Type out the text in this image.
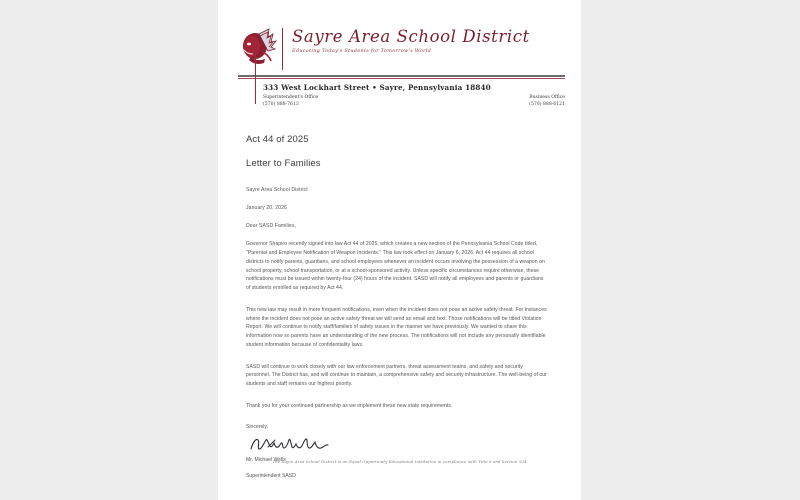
Sayre Area School District
Educating Today's Students for Tomorrow's World
333 West Lockhart Street • Sayre, Pennsylvania 18840
Superintendent's Office
(570) 888-7613
Business Office
(570) 888-6121
Act 44 of 2025
Letter to Families
Sayre Area School District
January 20, 2026
Dear SASD Families,

Governor Shapiro recently signed into law Act 44 of 2025, which creates a new section of the Pennsylvania School Code titled, "Parental and Employee Notification of Weapon Incidents." This law took effect on January 6, 2026. Act 44 requires all school districts to notify parents, guardians, and school employees whenever an incident occurs involving the possession of a weapon on school property, school transportation, or at a school-sponsored activity. Unless specific circumstances require otherwise, these notifications must be issued within twenty-four (24) hours of the incident. SASD will notify all employees and parents or guardians of students enrolled as required by Act 44.

This new law may result in more frequent notifications, even when the incident does not pose an active safety threat. For instances where the incident does not pose an active safety threat we will send an email and text. Those notifications will be titled Violation Report. We will continue to notify staff/families of safety issues in the manner we have previously. We wanted to share this information now so parents have an understanding of the new process. The notifications will not include any personally identifiable student information because of confidentiality laws.

SASD will continue to work closely with our law enforcement partners, threat assessment teams, and safety and security personnel. The District has, and will continue to maintain, a comprehensive safety and security infrastructure. The well-being of our students and staff remains our highest priority.

Thank you for your continued partnership as we implement these new state requirements.

Sincerely,
Mr. Michael Wells
Superintendent SASD
The Sayre Area School District is an Equal Opportunity Educational Institution in compliance with Title 9 and Section 504
